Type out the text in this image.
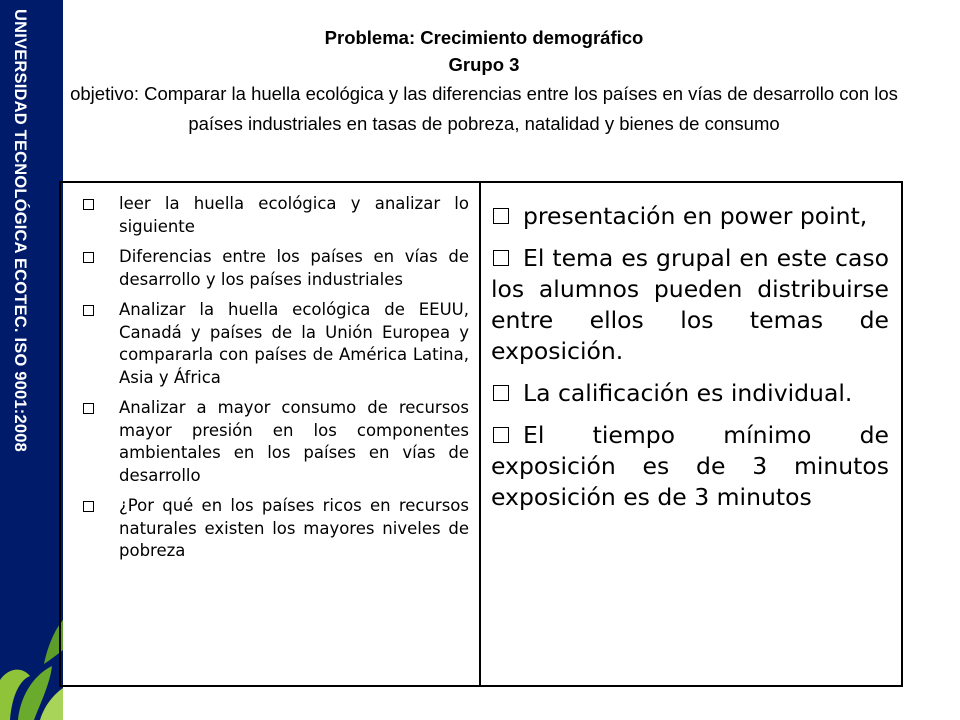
UNIVERSIDAD TECNOLÓGICA ECOTEC. ISO 9001:2008	Problema: Crecimiento demográfico
Grupo 3
objetivo: Comparar la huella ecológica y las diferencias entre los países en vías de desarrollo con los países industriales en tasas de pobreza, natalidad y bienes de consumo
leer la huella ecológica y analizar lo siguiente
Diferencias entre los países en vías de desarrollo y los países industriales
Analizar la huella ecológica de EEUU, Canadá y países de la Unión Europea y compararla con países de América Latina, Asia y África
Analizar a mayor consumo de recursos mayor presión en los componentes ambientales en los países en vías de desarrollo
¿Por qué en los países ricos en recursos naturales existen los mayores niveles de pobreza
presentación en power point,
El tema es grupal en este caso los alumnos pueden distribuirse entre ellos los temas de exposición.
La calificación es individual.
El tiempo mínimo de exposición es de 3 minutos exposición es de 3 minutos
